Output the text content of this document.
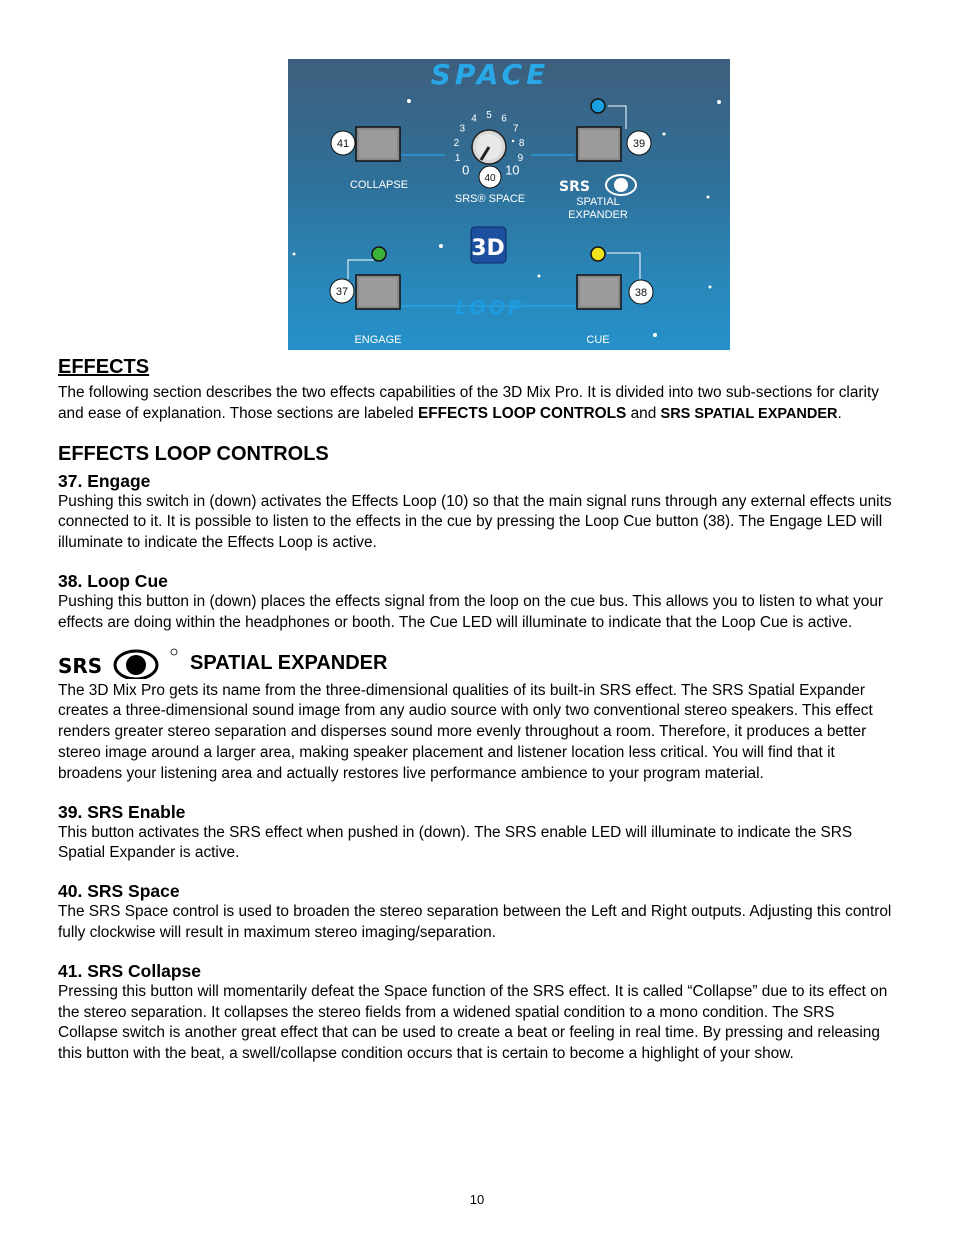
SPACE
0
1
2
3
4 5 6
7
8
9
10
41	39
40
37	38
3D
SRS
LOOP
COLLAPSE
SRS® SPACE	SPATIAL
EXPANDER
ENGAGE	CUE
EFFECTS

The following section describes the two effects capabilities of the 3D Mix Pro. It is divided into two sub-sections for clarity and ease of explanation. Those sections are labeled EFFECTS LOOP CONTROLS and SRS SPATIAL EXPANDER.

EFFECTS LOOP CONTROLS
37. Engage

Pushing this switch in (down) activates the Effects Loop (10) so that the main signal runs through any external effects units connected to it. It is possible to listen to the effects in the cue by pressing the Loop Cue button (38). The Engage LED will illuminate to indicate the Effects Loop is active.

38. Loop Cue

Pushing this button in (down) places the effects signal from the loop on the cue bus. This allows you to listen to what your effects are doing within the headphones or booth. The Cue LED will illuminate to indicate that the Loop Cue is active.

SRS	SPATIAL EXPANDER

The 3D Mix Pro gets its name from the three-dimensional qualities of its built-in SRS effect. The SRS Spatial Expander creates a three-dimensional sound image from any audio source with only two conventional stereo speakers. This effect renders greater stereo separation and disperses sound more evenly throughout a room. Therefore, it produces a better stereo image around a larger area, making speaker placement and listener location less critical. You will find that it broadens your listening area and actually restores live performance ambience to your program material.

39. SRS Enable

This button activates the SRS effect when pushed in (down). The SRS enable LED will illuminate to indicate the SRS Spatial Expander is active.

40. SRS Space

The SRS Space control is used to broaden the stereo separation between the Left and Right outputs. Adjusting this control fully clockwise will result in maximum stereo imaging/separation.

41. SRS Collapse

Pressing this button will momentarily defeat the Space function of the SRS effect. It is called “Collapse” due to its effect on the stereo separation. It collapses the stereo fields from a widened spatial condition to a mono condition. The SRS Collapse switch is another great effect that can be used to create a beat or feeling in real time. By pressing and releasing this button with the beat, a swell/collapse condition occurs that is certain to become a highlight of your show.

10
